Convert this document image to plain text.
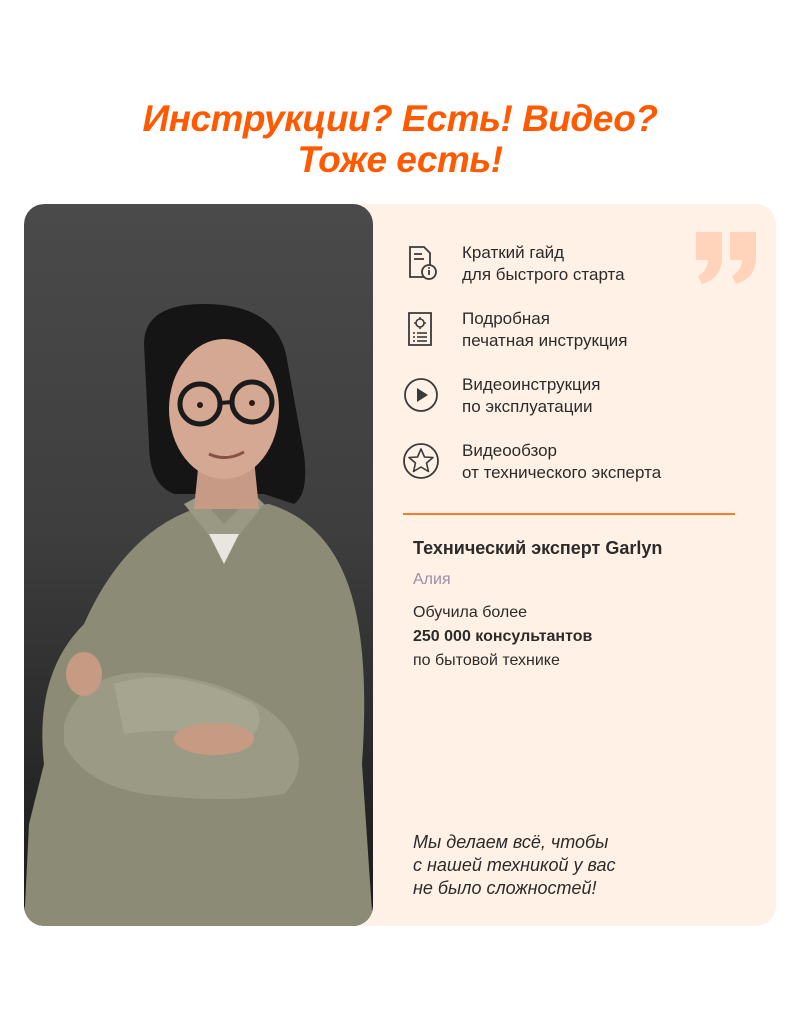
Инструкции? Есть! Видео?
Тоже есть!
Краткий гайд
для быстрого старта
Подробная
печатная инструкция
Видеоинструкция
по эксплуатации
Видеообзор
от технического эксперта
Технический эксперт Garlyn
Алия
Обучила более
250 000 консультантов
по бытовой технике
Мы делаем всё, чтобы
с нашей техникой у вас
не было сложностей!
